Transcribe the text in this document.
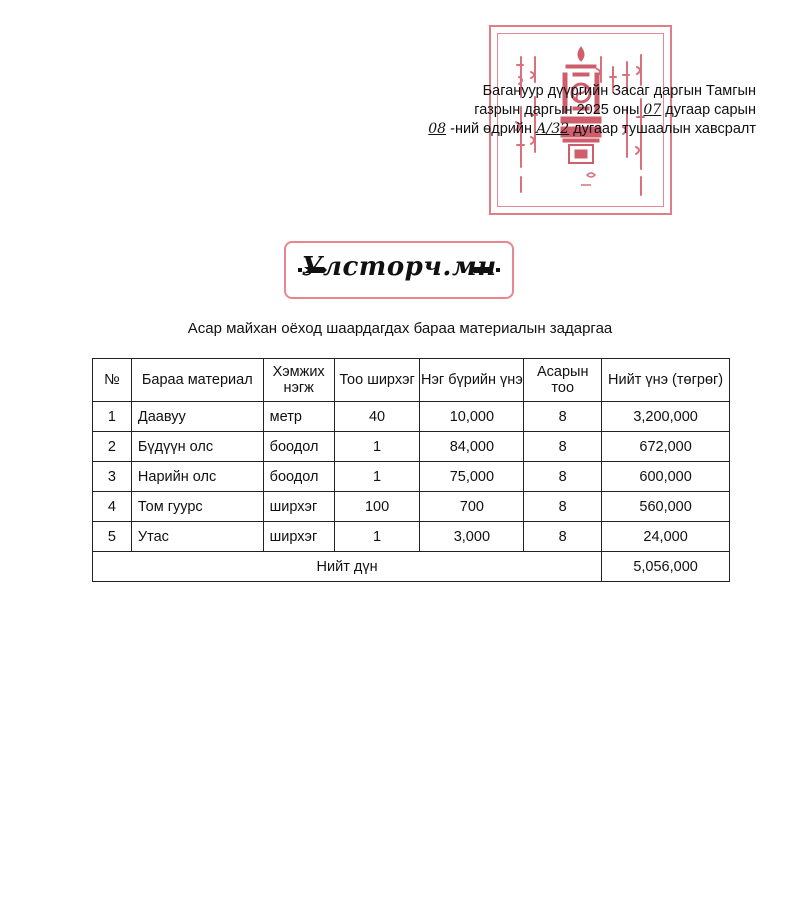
Багануур дүүргийн Засаг даргын Тамгын
газрын даргын 2025 оны 07 дугаар сарын
08 -ний өдрийн А/32 дугаар тушаалын хавсралт
Улсторч.мн
Асар майхан оёход шаардагдах бараа материалын задаргаа
№	Бараа материал	Хэмжих нэгж	Тоо ширхэг	Нэг бүрийн үнэ	Асарын тоо	Нийт үнэ (төгрөг)
1	Даавуу	метр	40	10,000	8	3,200,000
2	Бүдүүн олс	боодол	1	84,000	8	672,000
3	Нарийн олс	боодол	1	75,000	8	600,000
4	Том гуурс	ширхэг	100	700	8	560,000
5	Утас	ширхэг	1	3,000	8	24,000
Нийт дүн						5,056,000
